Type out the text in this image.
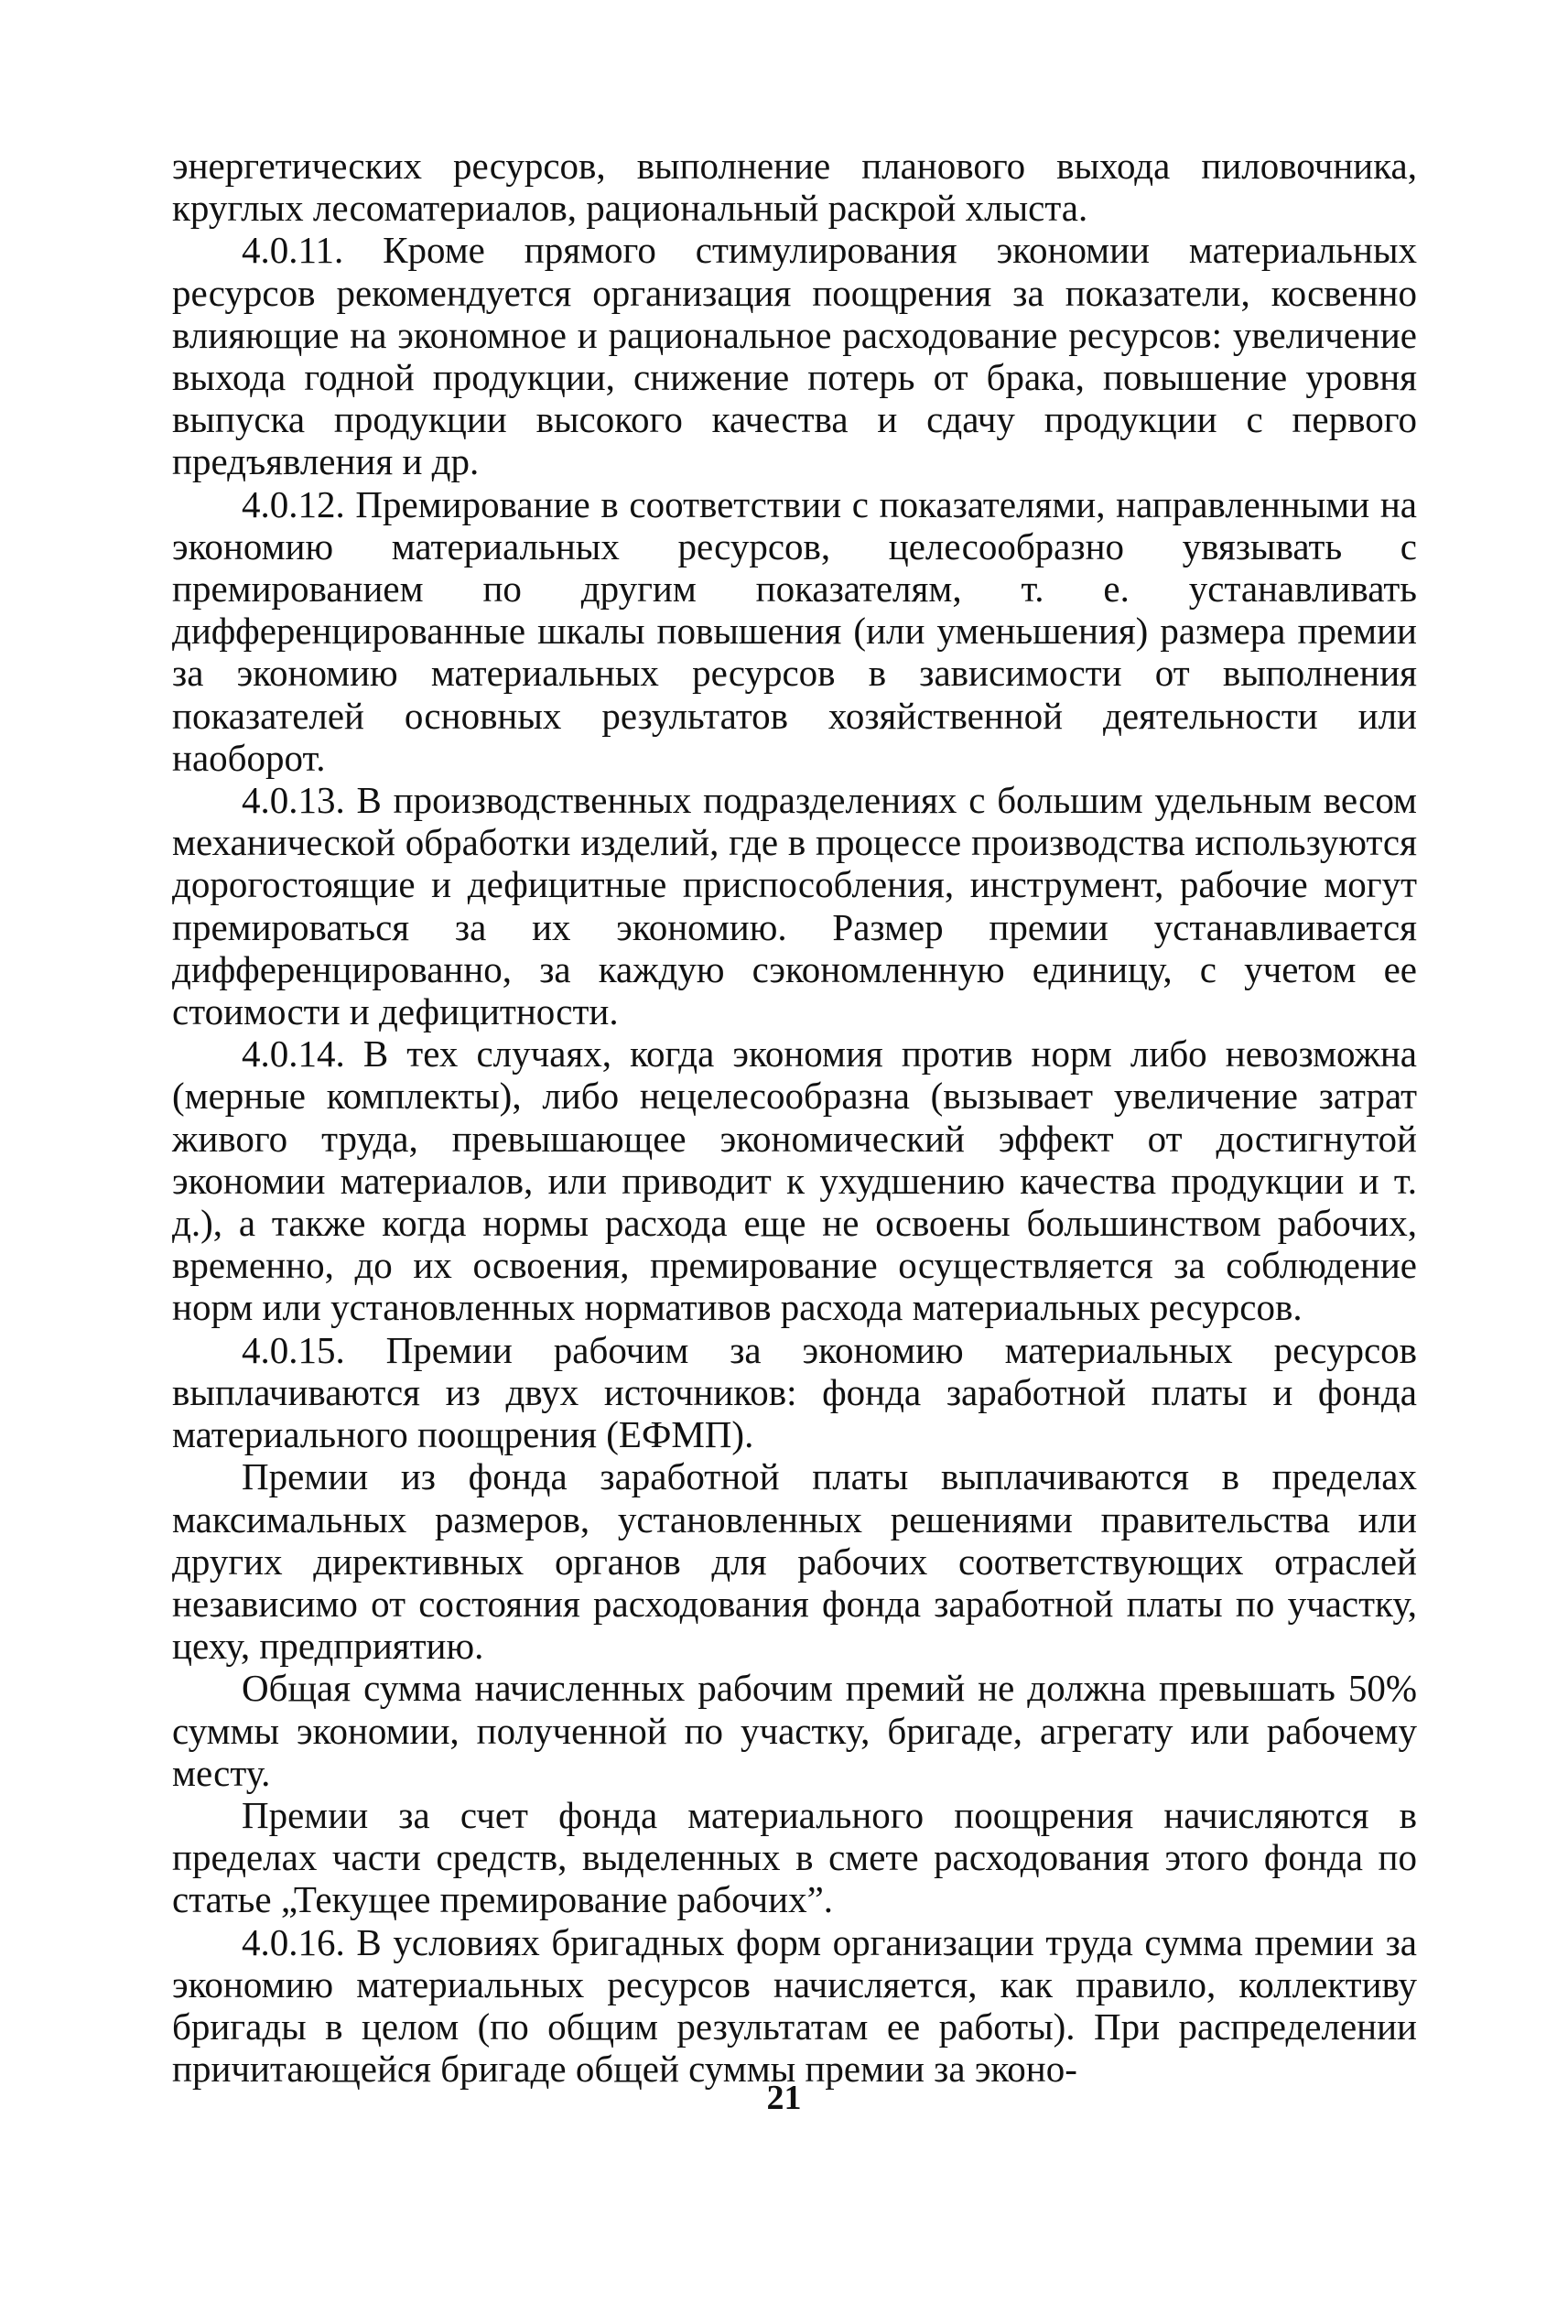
энергетических ресурсов, выполнение планового выхода пиловочника, круглых лесоматериалов, рациональный раскрой хлыста.

4.0.11. Кроме прямого стимулирования экономии материальных ресурсов рекомендуется организация поощрения за показатели, косвенно влияющие на экономное и рациональное расходование ресурсов: увеличение выхода годной продукции, снижение потерь от брака, повышение уровня выпуска продукции высокого качества и сдачу продукции с первого предъявления и др.

4.0.12. Премирование в соответствии с показателями, направленными на экономию материальных ресурсов, целесообразно увязывать с премированием по другим показателям, т. е. устанавливать дифференцированные шкалы повышения (или уменьшения) размера премии за экономию материальных ресурсов в зависимости от выполнения показателей основных результатов хозяйственной деятельности или наоборот.

4.0.13. В производственных подразделениях с большим удельным весом механической обработки изделий, где в процессе производства используются дорогостоящие и дефицитные приспособления, инструмент, рабочие могут премироваться за их экономию. Размер премии устанавливается дифференцированно, за каждую сэкономленную единицу, с учетом ее стоимости и дефицитности.

4.0.14. В тех случаях, когда экономия против норм либо невозможна (мерные комплекты), либо нецелесообразна (вызывает увеличение затрат живого труда, превышающее экономический эффект от достигнутой экономии материалов, или приводит к ухудшению качества продукции и т. д.), а также когда нормы расхода еще не освоены большинством рабочих, временно, до их освоения, премирование осуществляется за соблюдение норм или установленных нормативов расхода материальных ресурсов.

4.0.15. Премии рабочим за экономию материальных ресурсов выплачиваются из двух источников: фонда заработной платы и фонда материального поощрения (ЕФМП).

Премии из фонда заработной платы выплачиваются в пределах максимальных размеров, установленных решениями правительства или других директивных органов для рабочих соответствующих отраслей независимо от состояния расходования фонда заработной платы по участку, цеху, предприятию.

Общая сумма начисленных рабочим премий не должна превышать 50% суммы экономии, полученной по участку, бригаде, агрегату или рабочему месту.

Премии за счет фонда материального поощрения начисляются в пределах части средств, выделенных в смете расходования этого фонда по статье „Текущее премирование рабочих”.

4.0.16. В условиях бригадных форм организации труда сумма премии за экономию материальных ресурсов начисляется, как правило, коллективу бригады в целом (по общим результатам ее работы). При распределении причитающейся бригаде общей суммы премии за эконо-

21
